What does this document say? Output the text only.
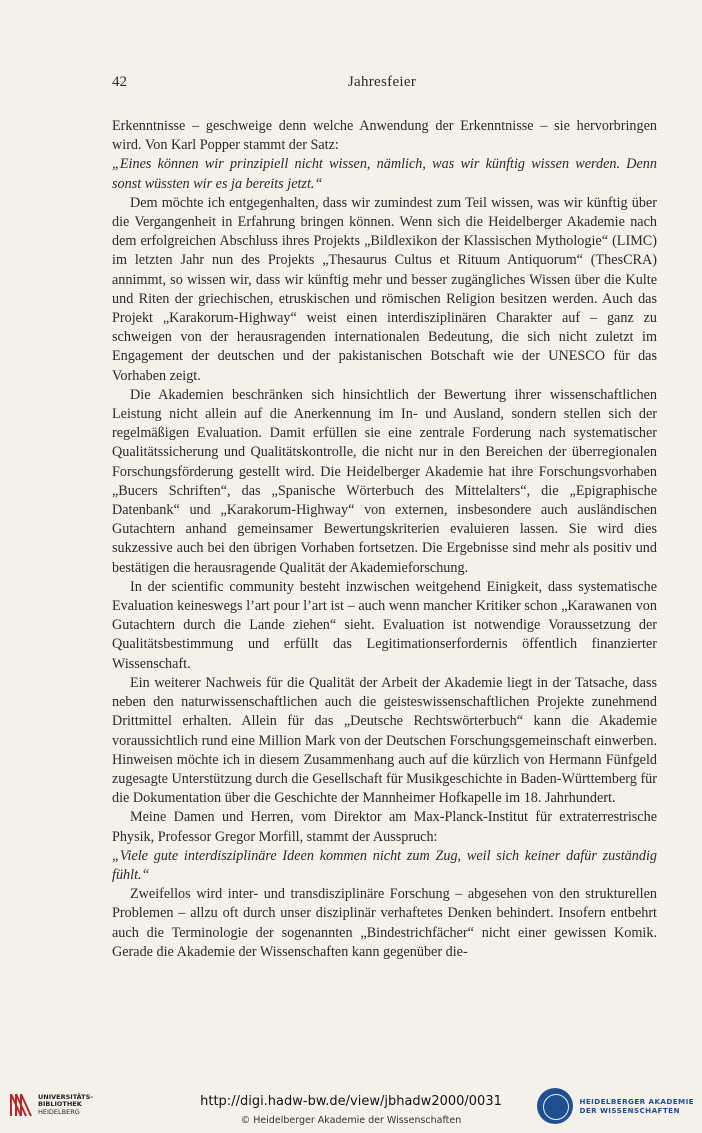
42	Jahresfeier

Erkenntnisse – geschweige denn welche Anwendung der Erkenntnisse – sie hervorbringen wird. Von Karl Popper stammt der Satz:

„Eines können wir prinzipiell nicht wissen, nämlich, was wir künftig wissen werden. Denn sonst wüssten wir es ja bereits jetzt.“

Dem möchte ich entgegenhalten, dass wir zumindest zum Teil wissen, was wir künftig über die Vergangenheit in Erfahrung bringen können. Wenn sich die Heidelberger Akademie nach dem erfolgreichen Abschluss ihres Projekts „Bildlexikon der Klassischen Mythologie“ (LIMC) im letzten Jahr nun des Projekts „Thesaurus Cultus et Rituum Antiquorum“ (ThesCRA) annimmt, so wissen wir, dass wir künftig mehr und besser zugängliches Wissen über die Kulte und Riten der griechischen, etruskischen und römischen Religion besitzen werden. Auch das Projekt „Karakorum-Highway“ weist einen interdisziplinären Charakter auf – ganz zu schweigen von der herausragenden internationalen Bedeutung, die sich nicht zuletzt im Engagement der deutschen und der pakistanischen Botschaft wie der UNESCO für das Vorhaben zeigt.

Die Akademien beschränken sich hinsichtlich der Bewertung ihrer wissenschaftlichen Leistung nicht allein auf die Anerkennung im In- und Ausland, sondern stellen sich der regelmäßigen Evaluation. Damit erfüllen sie eine zentrale Forderung nach systematischer Qualitätssicherung und Qualitätskontrolle, die nicht nur in den Bereichen der überregionalen Forschungsförderung gestellt wird. Die Heidelberger Akademie hat ihre Forschungsvorhaben „Bucers Schriften“, das „Spanische Wörterbuch des Mittelalters“, die „Epigraphische Datenbank“ und „Karakorum-Highway“ von externen, insbesondere auch ausländischen Gutachtern anhand gemeinsamer Bewertungskriterien evaluieren lassen. Sie wird dies sukzessive auch bei den übrigen Vorhaben fortsetzen. Die Ergebnisse sind mehr als positiv und bestätigen die herausragende Qualität der Akademieforschung.

In der scientific community besteht inzwischen weitgehend Einigkeit, dass systematische Evaluation keineswegs l’art pour l’art ist – auch wenn mancher Kritiker schon „Karawanen von Gutachtern durch die Lande ziehen“ sieht. Evaluation ist notwendige Voraussetzung der Qualitätsbestimmung und erfüllt das Legitimationserfordernis öffentlich finanzierter Wissenschaft.

Ein weiterer Nachweis für die Qualität der Arbeit der Akademie liegt in der Tatsache, dass neben den naturwissenschaftlichen auch die geisteswissenschaftlichen Projekte zunehmend Drittmittel erhalten. Allein für das „Deutsche Rechtswörterbuch“ kann die Akademie voraussichtlich rund eine Million Mark von der Deutschen Forschungsgemeinschaft einwerben. Hinweisen möchte ich in diesem Zusammenhang auch auf die kürzlich von Hermann Fünfgeld zugesagte Unterstützung durch die Gesellschaft für Musikgeschichte in Baden-Württemberg für die Dokumentation über die Geschichte der Mannheimer Hofkapelle im 18. Jahrhundert.

Meine Damen und Herren, vom Direktor am Max-Planck-Institut für extraterrestrische Physik, Professor Gregor Morfill, stammt der Ausspruch:

„Viele gute interdisziplinäre Ideen kommen nicht zum Zug, weil sich keiner dafür zuständig fühlt.“

Zweifellos wird inter- und transdisziplinäre Forschung – abgesehen von den strukturellen Problemen – allzu oft durch unser disziplinär verhaftetes Denken behindert. Insofern entbehrt auch die Terminologie der sogenannten „Bindestrichfächer“ nicht einer gewissen Komik. Gerade die Akademie der Wissenschaften kann gegenüber die-

UNIVERSITÄTS-
BIBLIOTHEK
HEIDELBERG
http://digi.hadw-bw.de/view/jbhadw2000/0031
© Heidelberger Akademie der Wissenschaften
HEIDELBERGER AKADEMIE
DER WISSENSCHAFTEN
